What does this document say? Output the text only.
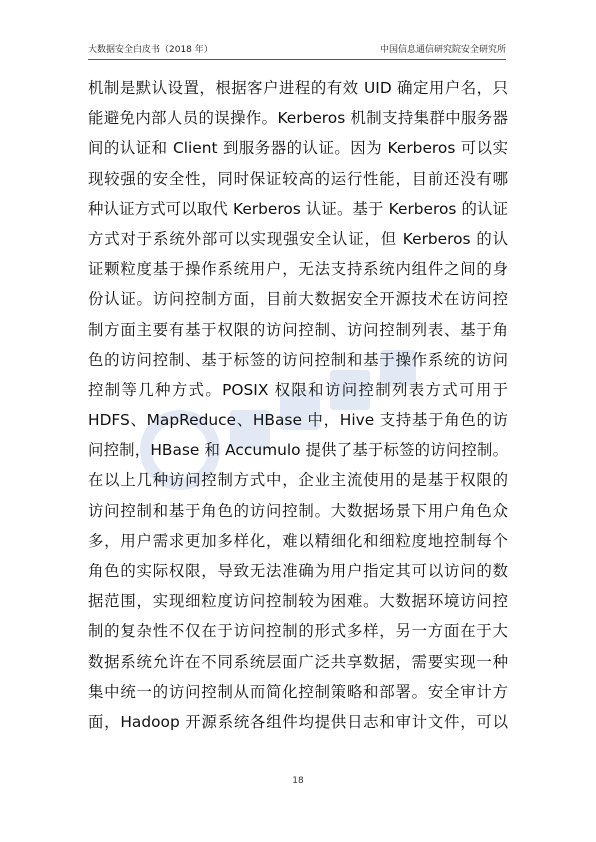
大数据安全白皮书（2018 年）	中国信息通信研究院安全研究所
机制是默认设置，根据客户进程的有效 UID 确定用户名，只
能避免内部人员的误操作。Kerberos 机制支持集群中服务器
间的认证和 Client 到服务器的认证。因为 Kerberos 可以实
现较强的安全性，同时保证较高的运行性能，目前还没有哪
种认证方式可以取代 Kerberos 认证。基于 Kerberos 的认证
方式对于系统外部可以实现强安全认证，但 Kerberos 的认
证颗粒度基于操作系统用户，无法支持系统内组件之间的身
份认证。访问控制方面，目前大数据安全开源技术在访问控
制方面主要有基于权限的访问控制、访问控制列表、基于角
色的访问控制、基于标签的访问控制和基于操作系统的访问
控制等几种方式。POSIX 权限和访问控制列表方式可用于
HDFS、MapReduce、HBase 中，Hive 支持基于角色的访
问控制，HBase 和 Accumulo 提供了基于标签的访问控制。
在以上几种访问控制方式中，企业主流使用的是基于权限的
访问控制和基于角色的访问控制。大数据场景下用户角色众
多，用户需求更加多样化，难以精细化和细粒度地控制每个
角色的实际权限，导致无法准确为用户指定其可以访问的数
据范围，实现细粒度访问控制较为困难。大数据环境访问控
制的复杂性不仅在于访问控制的形式多样，另一方面在于大
数据系统允许在不同系统层面广泛共享数据，需要实现一种
集中统一的访问控制从而简化控制策略和部署。安全审计方
面，Hadoop 开源系统各组件均提供日志和审计文件，可以
18
